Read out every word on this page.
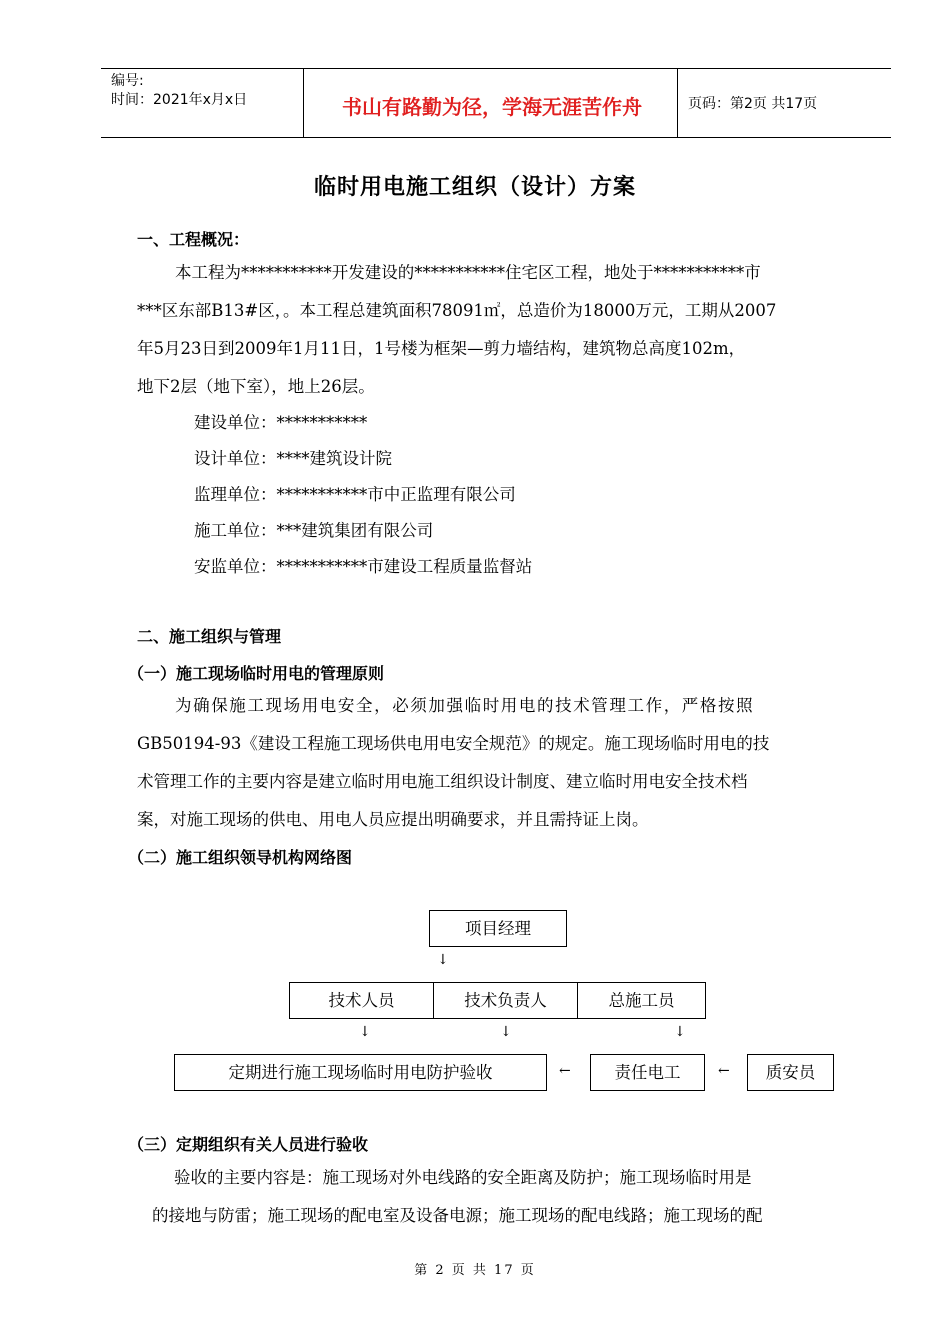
编号:
时间：2021年x月x日	书山有路勤为径，学海无涯苦作舟	页码：第2页 共17页
临时用电施工组织（设计）方案
一、工程概况：
本工程为***********开发建设的***********住宅区工程，地处于***********市
***区东部B13#区，。本工程总建筑面积78091㎡，总造价为18000万元，工期从2007
年5月23日到2009年1月11日，1号楼为框架—剪力墙结构，建筑物总高度102m，
地下2层（地下室），地上26层。
建设单位：***********
设计单位：****建筑设计院
监理单位：***********市中正监理有限公司
施工单位：***建筑集团有限公司
安监单位：***********市建设工程质量监督站
二、施工组织与管理
（一）施工现场临时用电的管理原则
为确保施工现场用电安全，必须加强临时用电的技术管理工作，严格按照
GB50194-93《建设工程施工现场供电用电安全规范》的规定。施工现场临时用电的技
术管理工作的主要内容是建立临时用电施工组织设计制度、建立临时用电安全技术档
案，对施工现场的供电、用电人员应提出明确要求，并且需持证上岗。
（二）施工组织领导机构网络图
项目经理
↓
技术人员	技术负责人	总施工员
↓	↓	↓
定期进行施工现场临时用电防护验收	←	责任电工	←	质安员
（三）定期组织有关人员进行验收
验收的主要内容是：施工现场对外电线路的安全距离及防护；施工现场临时用是
的接地与防雷；施工现场的配电室及设备电源；施工现场的配电线路；施工现场的配
第 2 页 共 17 页
